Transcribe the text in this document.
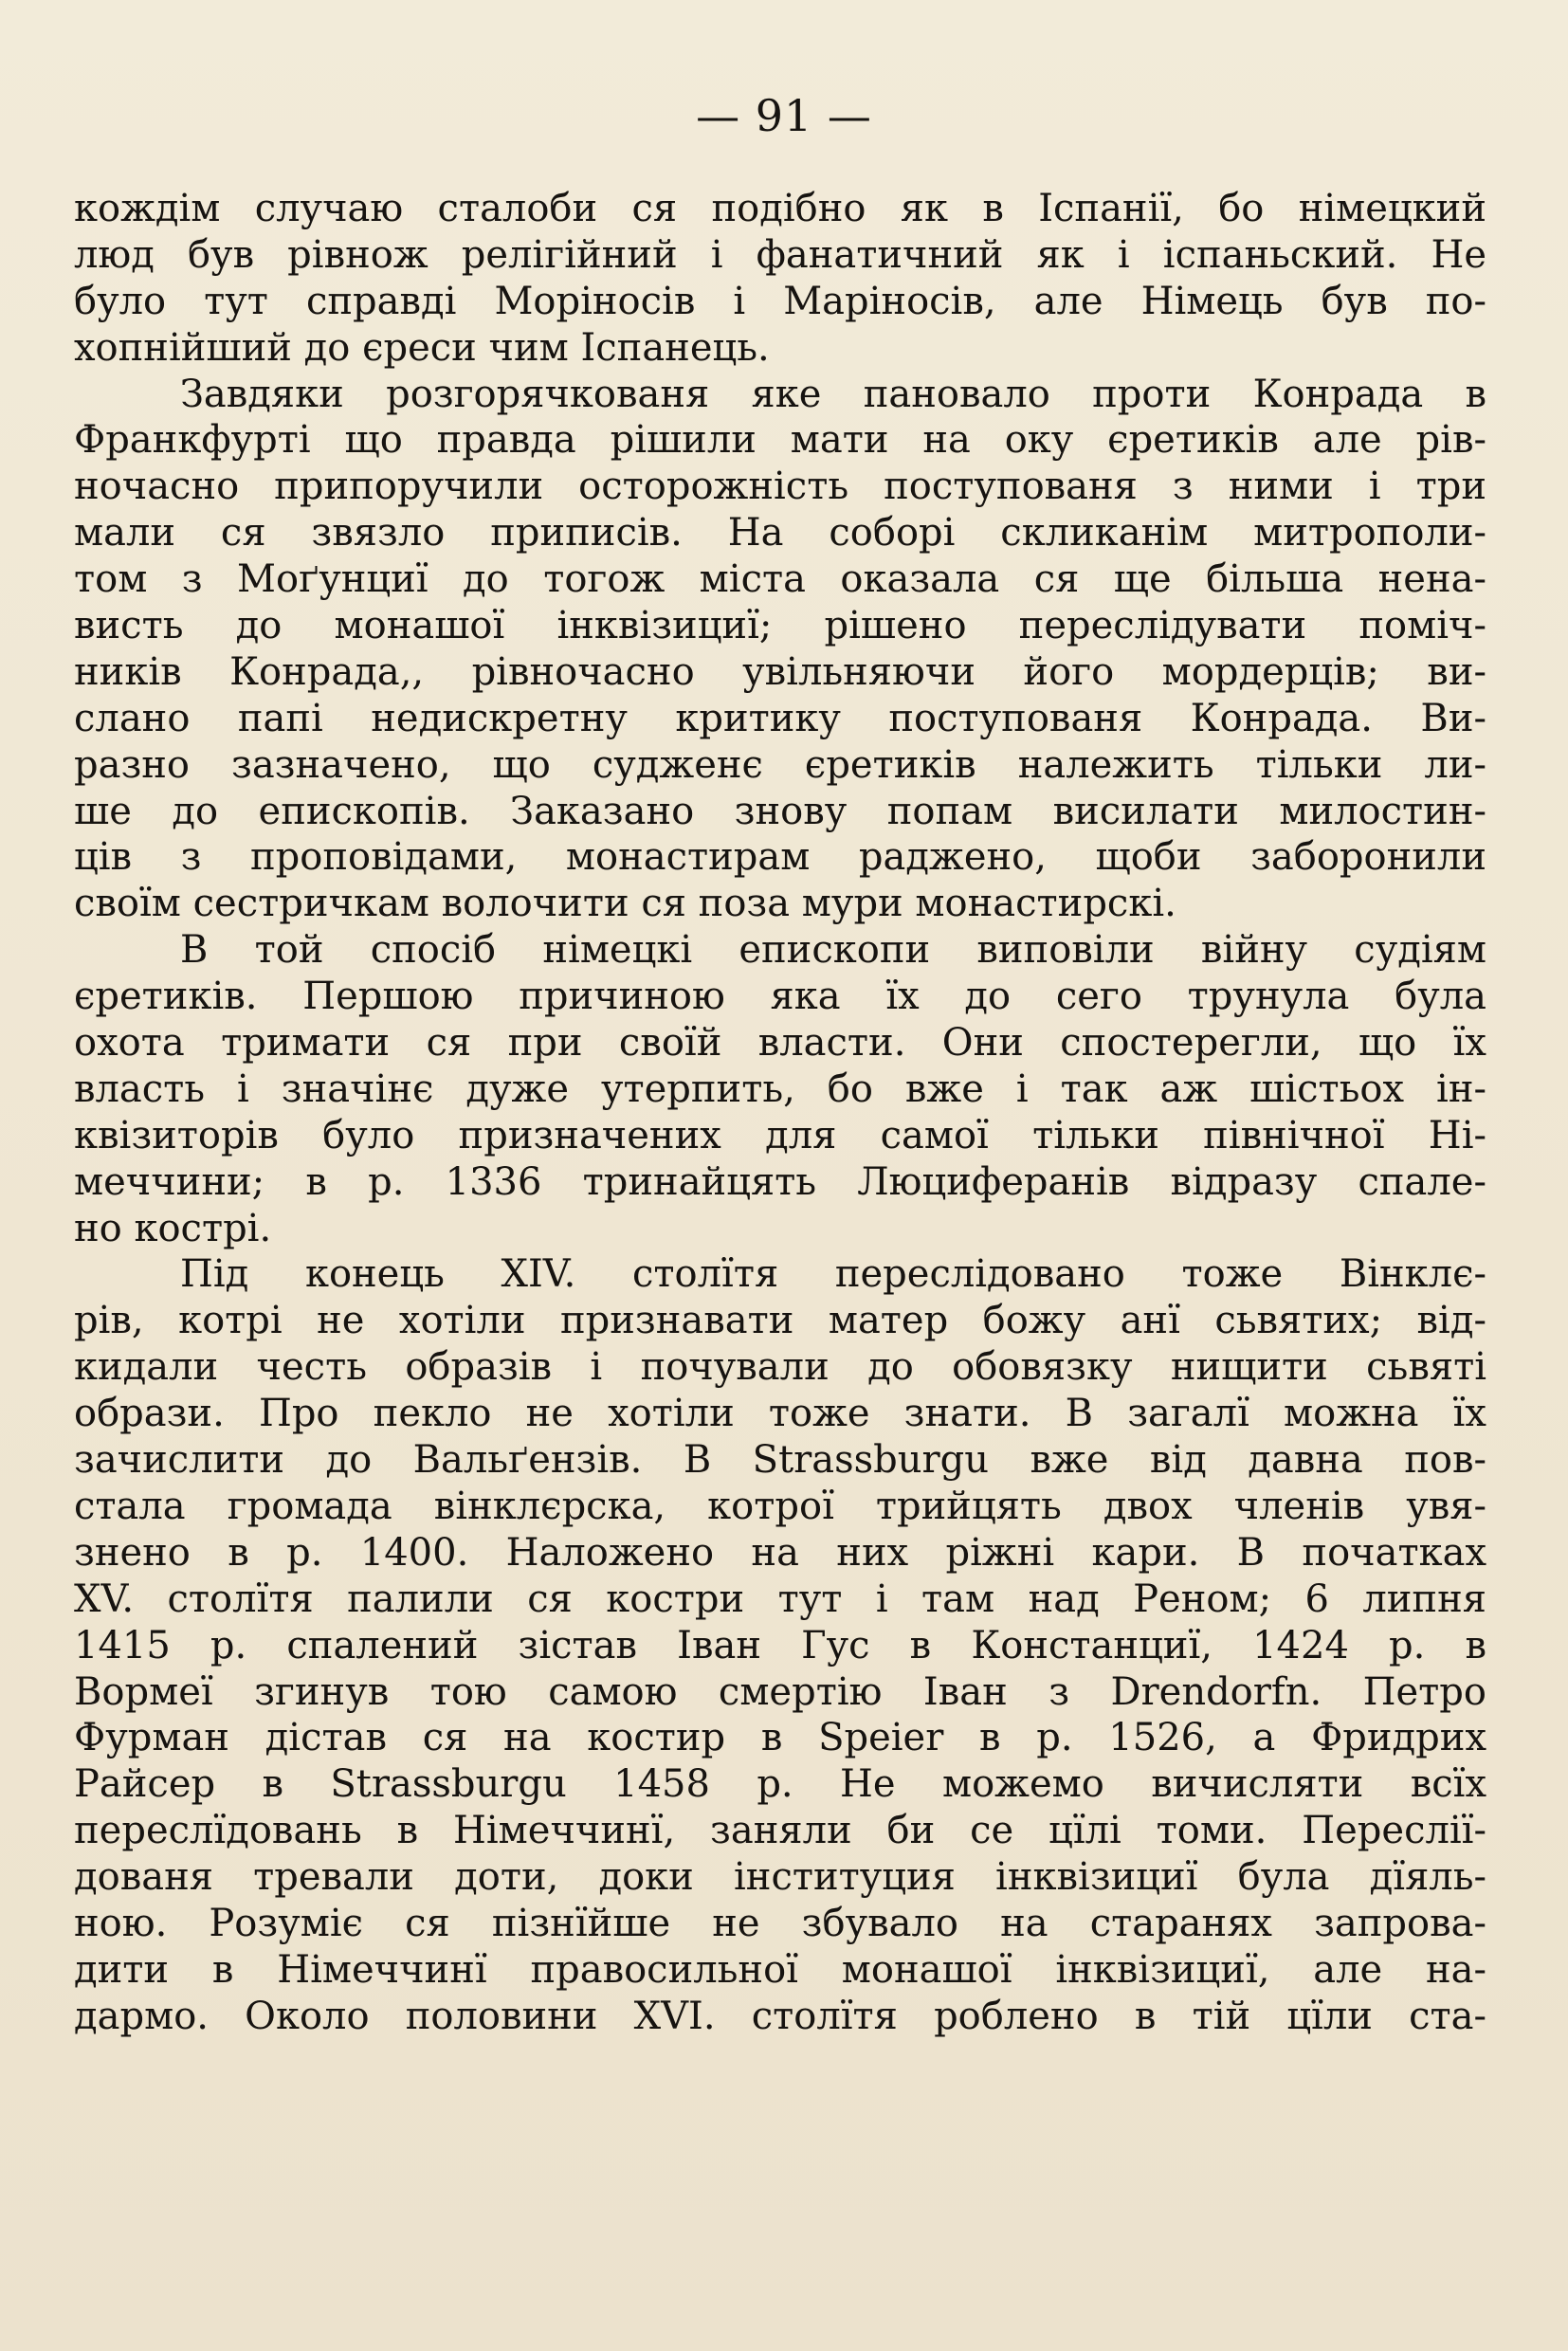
— 91 —
кождім случаю сталоби ся подібно як в Іспанії, бо німецкий
люд був рівнож релігійний і фанатичний як і іспаньский. Не
було тут справді Моріносів і Маріносів, але Німець був по-
хопнійший до єреси чим Іспанець.
Завдяки розгорячкованя яке пановало проти Конрада в
Франкфурті що правда рішили мати на оку єретиків але рів-
ночасно припоручили осторожність поступованя з ними і три
мали ся звязло приписів. На соборі скликанім митрополи-
том з Моґунциї до тогож міста оказала ся ще більша нена-
висть до монашої інквізициї; рішено переслідувати поміч-
ників Конрада,, рівночасно увільняючи його мордерців; ви-
слано папі недискретну критику поступованя Конрада. Ви-
разно зазначено, що судженє єретиків належить тільки ли-
ше до епископів. Заказано знову попам висилати милостин-
ців з проповідами, монастирам раджено, щоби заборонили
своїм сестричкам волочити ся поза мури монастирскі.
В той спосіб німецкі епископи виповіли війну судіям
єретиків. Першою причиною яка їх до сего трунула була
охота тримати ся при своїй власти. Они спостерегли, що їх
власть і значінє дуже утерпить, бо вже і так аж шістьох ін-
квізиторів було призначених для самої тільки північної Ні-
меччини; в р. 1336 тринайцять Люциферанів відразу спале-
но кострі.
Під конець XIV. столїтя переслідовано тоже Вінклє-
рів, котрі не хотіли признавати матер божу анї сьвятих; від-
кидали честь образів і почували до обовязку нищити сьвяті
образи. Про пекло не хотіли тоже знати. В загалї можна їх
зачислити до Вальґензів. В Strassburgu вже від давна пов-
стала громада вінклєрска, котрої трийцять двох членів увя-
знено в р. 1400. Наложено на них ріжні кари. В початках
XV. столїтя палили ся костри тут і там над Реном; 6 липня
1415 р. спалений зістав Іван Гус в Констанциї, 1424 р. в
Вормеї згинув тою самою смертію Іван з Drendorfn. Петро
Фурман дістав ся на костир в Speier в р. 1526, а Фридрих
Райсер в Strassburgu 1458 р. Не можемо вичисляти всїх
переслїдовань в Німеччинї, заняли би се цїлі томи. Переслії-
дованя тревали доти, доки інституция інквізициї була дїяль-
ною. Розуміє ся пізнїйше не збувало на старанях запрова-
дити в Німеччинї правосильної монашої інквізициї, але на-
дармо. Около половини XVI. столїтя роблено в тій цїли ста-
